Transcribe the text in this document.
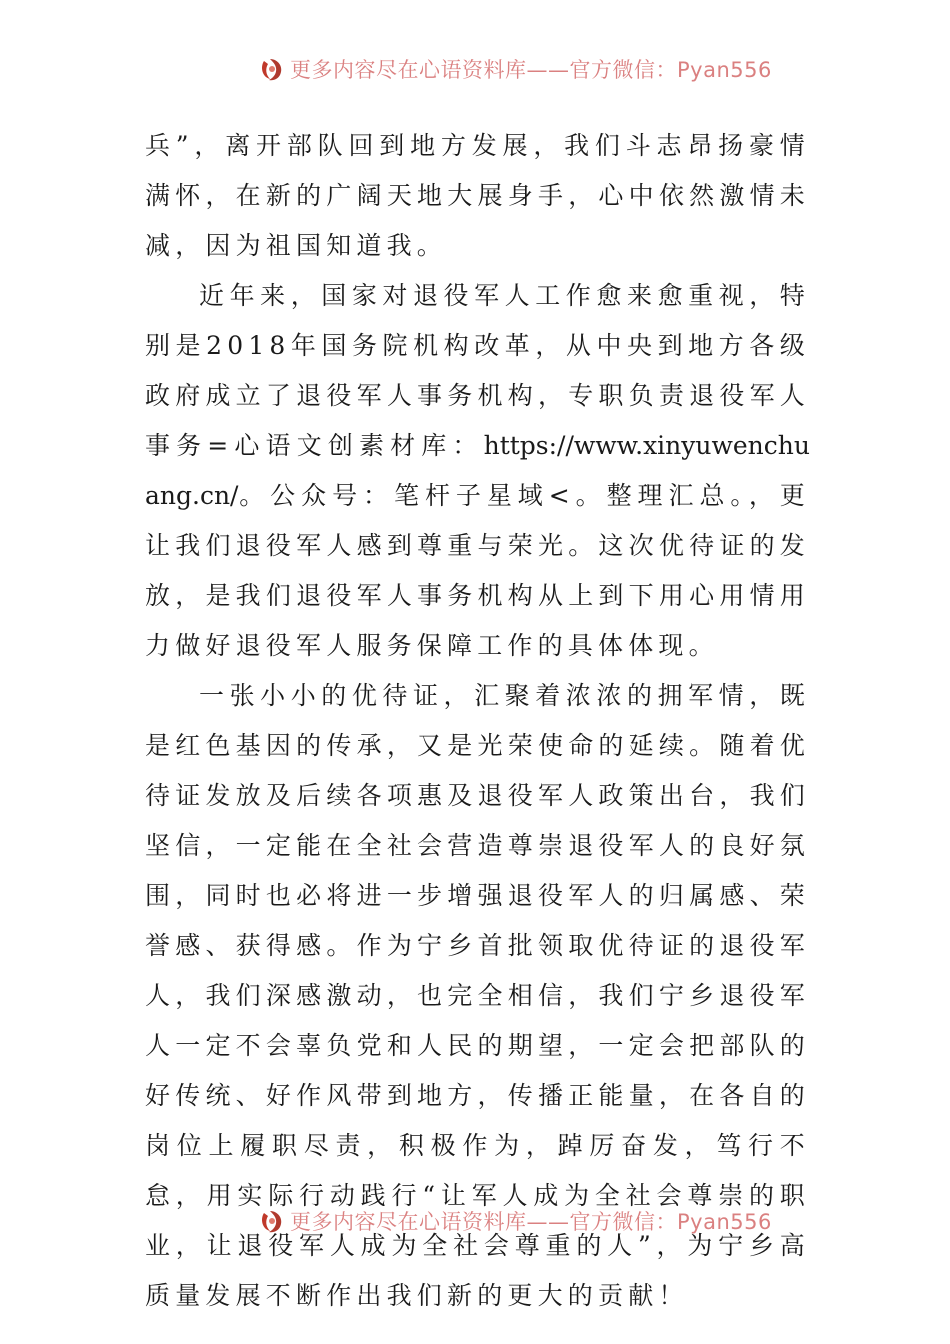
更多内容尽在心语资料库——官方微信：Pyan556

兵”，离开部队回到地方发展，我们斗志昂扬豪情满怀，在新的广阔天地大展身手，心中依然激情未减，因为祖国知道我。

近年来，国家对退役军人工作愈来愈重视，特别是2018年国务院机构改革，从中央到地方各级政府成立了退役军人事务机构，专职负责退役军人事务=心语文创素材库：https://www.xinyuwenchuang.cn/。公众号：笔杆子星域<。整理汇总。，更让我们退役军人感到尊重与荣光。这次优待证的发放，是我们退役军人事务机构从上到下用心用情用力做好退役军人服务保障工作的具体体现。

一张小小的优待证，汇聚着浓浓的拥军情，既是红色基因的传承，又是光荣使命的延续。随着优待证发放及后续各项惠及退役军人政策出台，我们坚信，一定能在全社会营造尊崇退役军人的良好氛围，同时也必将进一步增强退役军人的归属感、荣誉感、获得感。作为宁乡首批领取优待证的退役军人，我们深感激动，也完全相信，我们宁乡退役军人一定不会辜负党和人民的期望，一定会把部队的好传统、好作风带到地方，传播正能量，在各自的岗位上履职尽责，积极作为，踔厉奋发，笃行不怠，用实际行动践行“让军人成为全社会尊崇的职业，让退役军人成为全社会尊重的人”，为宁乡高质量发展不断作出我们新的更大的贡献！

更多内容尽在心语资料库——官方微信：Pyan556
